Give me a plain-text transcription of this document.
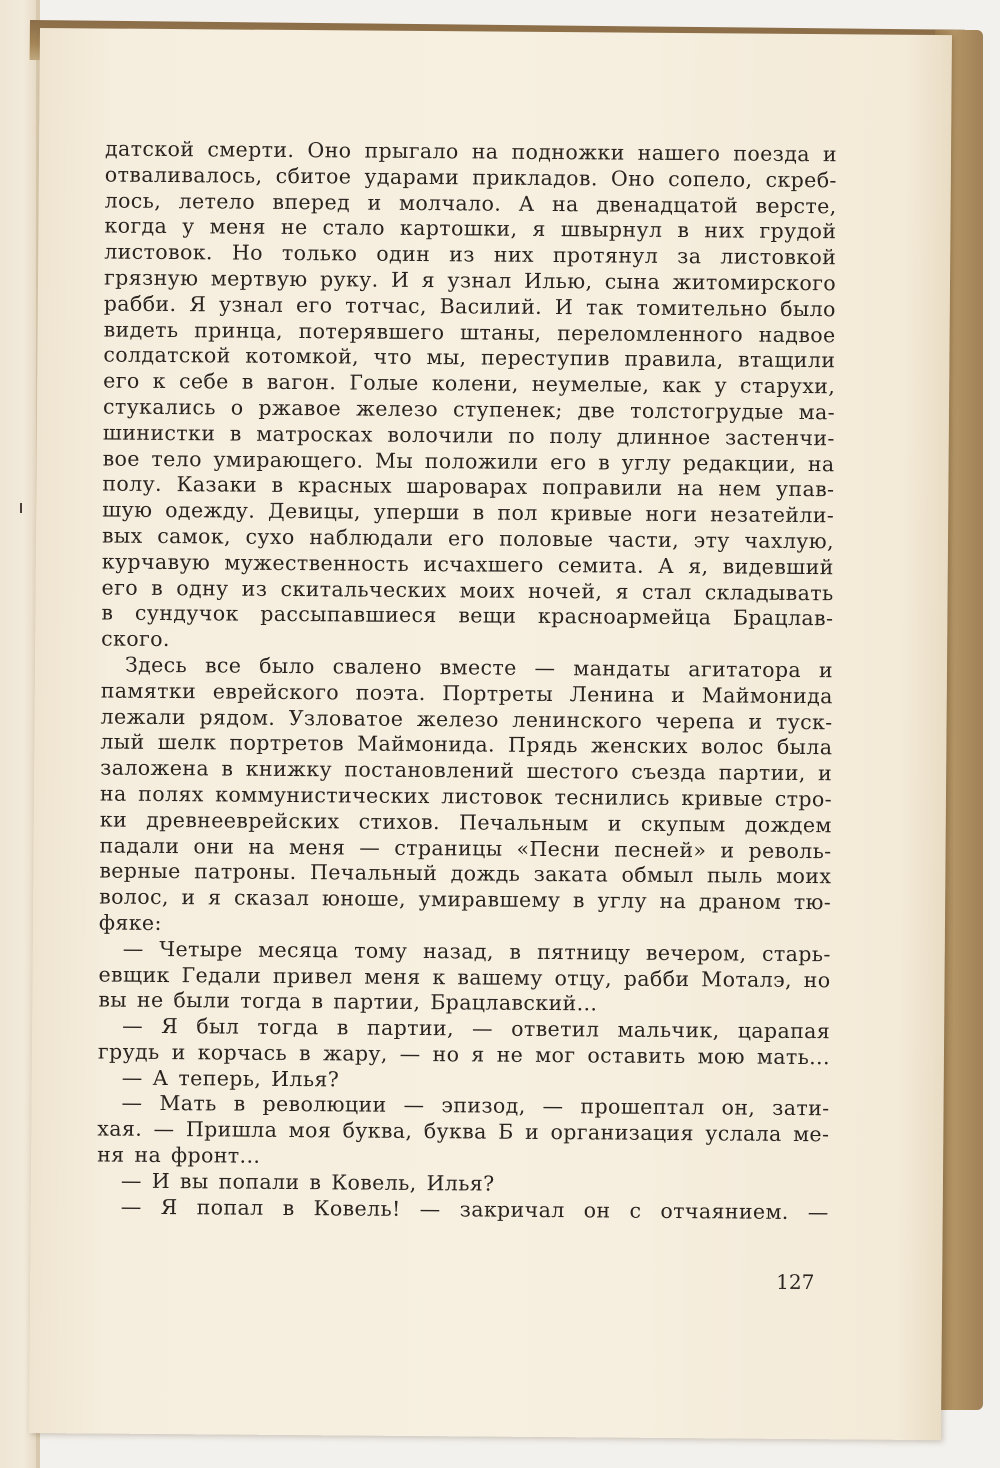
датской смерти. Оно прыгало на подножки нашего поезда и
отваливалось, сбитое ударами прикладов. Оно сопело, скреб-
лось, летело вперед и молчало. А на двенадцатой версте,
когда у меня не стало картошки, я швырнул в них грудой
листовок. Но только один из них протянул за листовкой
грязную мертвую руку. И я узнал Илью, сына житомирского
рабби. Я узнал его тотчас, Василий. И так томительно было
видеть принца, потерявшего штаны, переломленного надвое
солдатской котомкой, что мы, переступив правила, втащили
его к себе в вагон. Голые колени, неумелые, как у старухи,
стукались о ржавое железо ступенек; две толстогрудые ма-
шинистки в матросках волочили по полу длинное застенчи-
вое тело умирающего. Мы положили его в углу редакции, на
полу. Казаки в красных шароварах поправили на нем упав-
шую одежду. Девицы, уперши в пол кривые ноги незатейли-
вых самок, сухо наблюдали его половые части, эту чахлую,
курчавую мужественность исчахшего семита. А я, видевший
его в одну из скитальческих моих ночей, я стал складывать
в сундучок рассыпавшиеся вещи красноармейца Брацлав-
ского.
Здесь все было свалено вместе — мандаты агитатора и
памятки еврейского поэта. Портреты Ленина и Маймонида
лежали рядом. Узловатое железо ленинского черепа и туск-
лый шелк портретов Маймонида. Прядь женских волос была
заложена в книжку постановлений шестого съезда партии, и
на полях коммунистических листовок теснились кривые стро-
ки древнееврейских стихов. Печальным и скупым дождем
падали они на меня — страницы «Песни песней» и револь-
верные патроны. Печальный дождь заката обмыл пыль моих
волос, и я сказал юноше, умиравшему в углу на драном тю-
фяке:
— Четыре месяца тому назад, в пятницу вечером, старь-
евщик Гедали привел меня к вашему отцу, рабби Моталэ, но
вы не были тогда в партии, Брацлавский...
— Я был тогда в партии, — ответил мальчик, царапая
грудь и корчась в жару, — но я не мог оставить мою мать...
— А теперь, Илья?
— Мать в революции — эпизод, — прошептал он, зати-
хая. — Пришла моя буква, буква Б и организация услала ме-
ня на фронт...
— И вы попали в Ковель, Илья?
— Я попал в Ковель! — закричал он с отчаянием. —
127
